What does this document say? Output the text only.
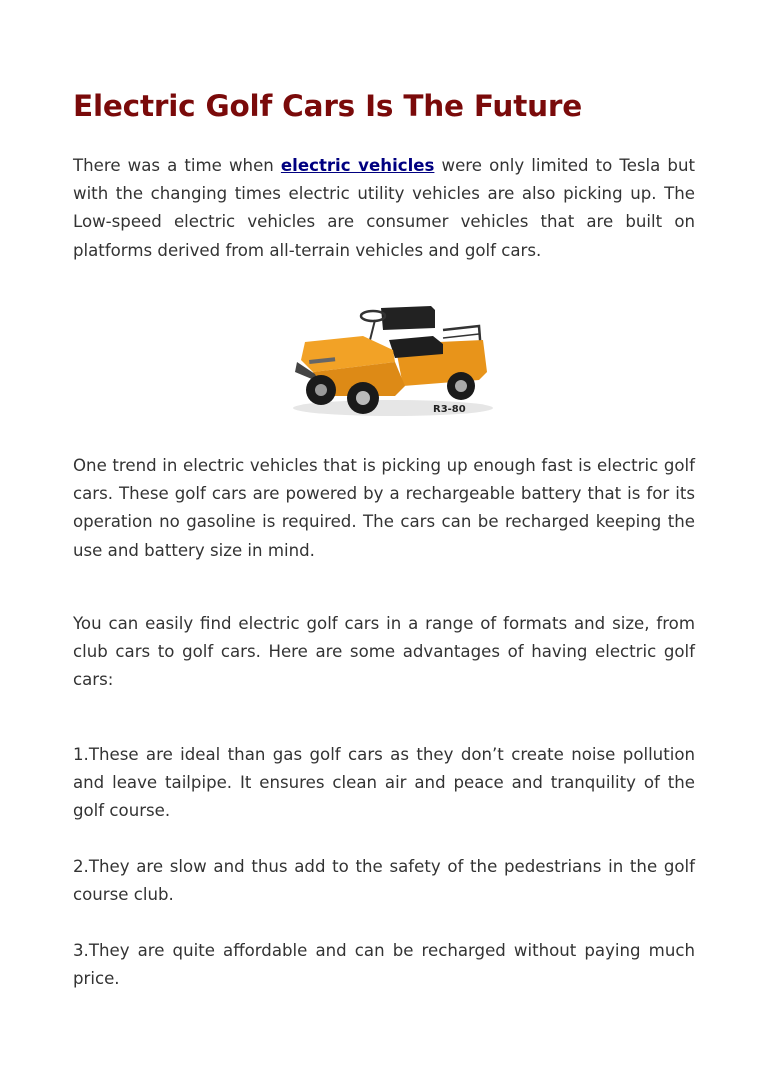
Electric Golf Cars Is The Future

There was a time when electric vehicles were only limited to Tesla but with the changing times electric utility vehicles are also picking up. The Low-speed electric vehicles are consumer vehicles that are built on platforms derived from all-terrain vehicles and golf cars.

R3-80

One trend in electric vehicles that is picking up enough fast is electric golf cars. These golf cars are powered by a rechargeable battery that is for its operation no gasoline is required. The cars can be recharged keeping the use and battery size in mind.

You can easily find electric golf cars in a range of formats and size, from club cars to golf cars. Here are some advantages of having electric golf cars:

1.These are ideal than gas golf cars as they don’t create noise pollution and leave tailpipe. It ensures clean air and peace and tranquility of the golf course.

2.They are slow and thus add to the safety of the pedestrians in the golf course club.

3.They are quite affordable and can be recharged without paying much price.
